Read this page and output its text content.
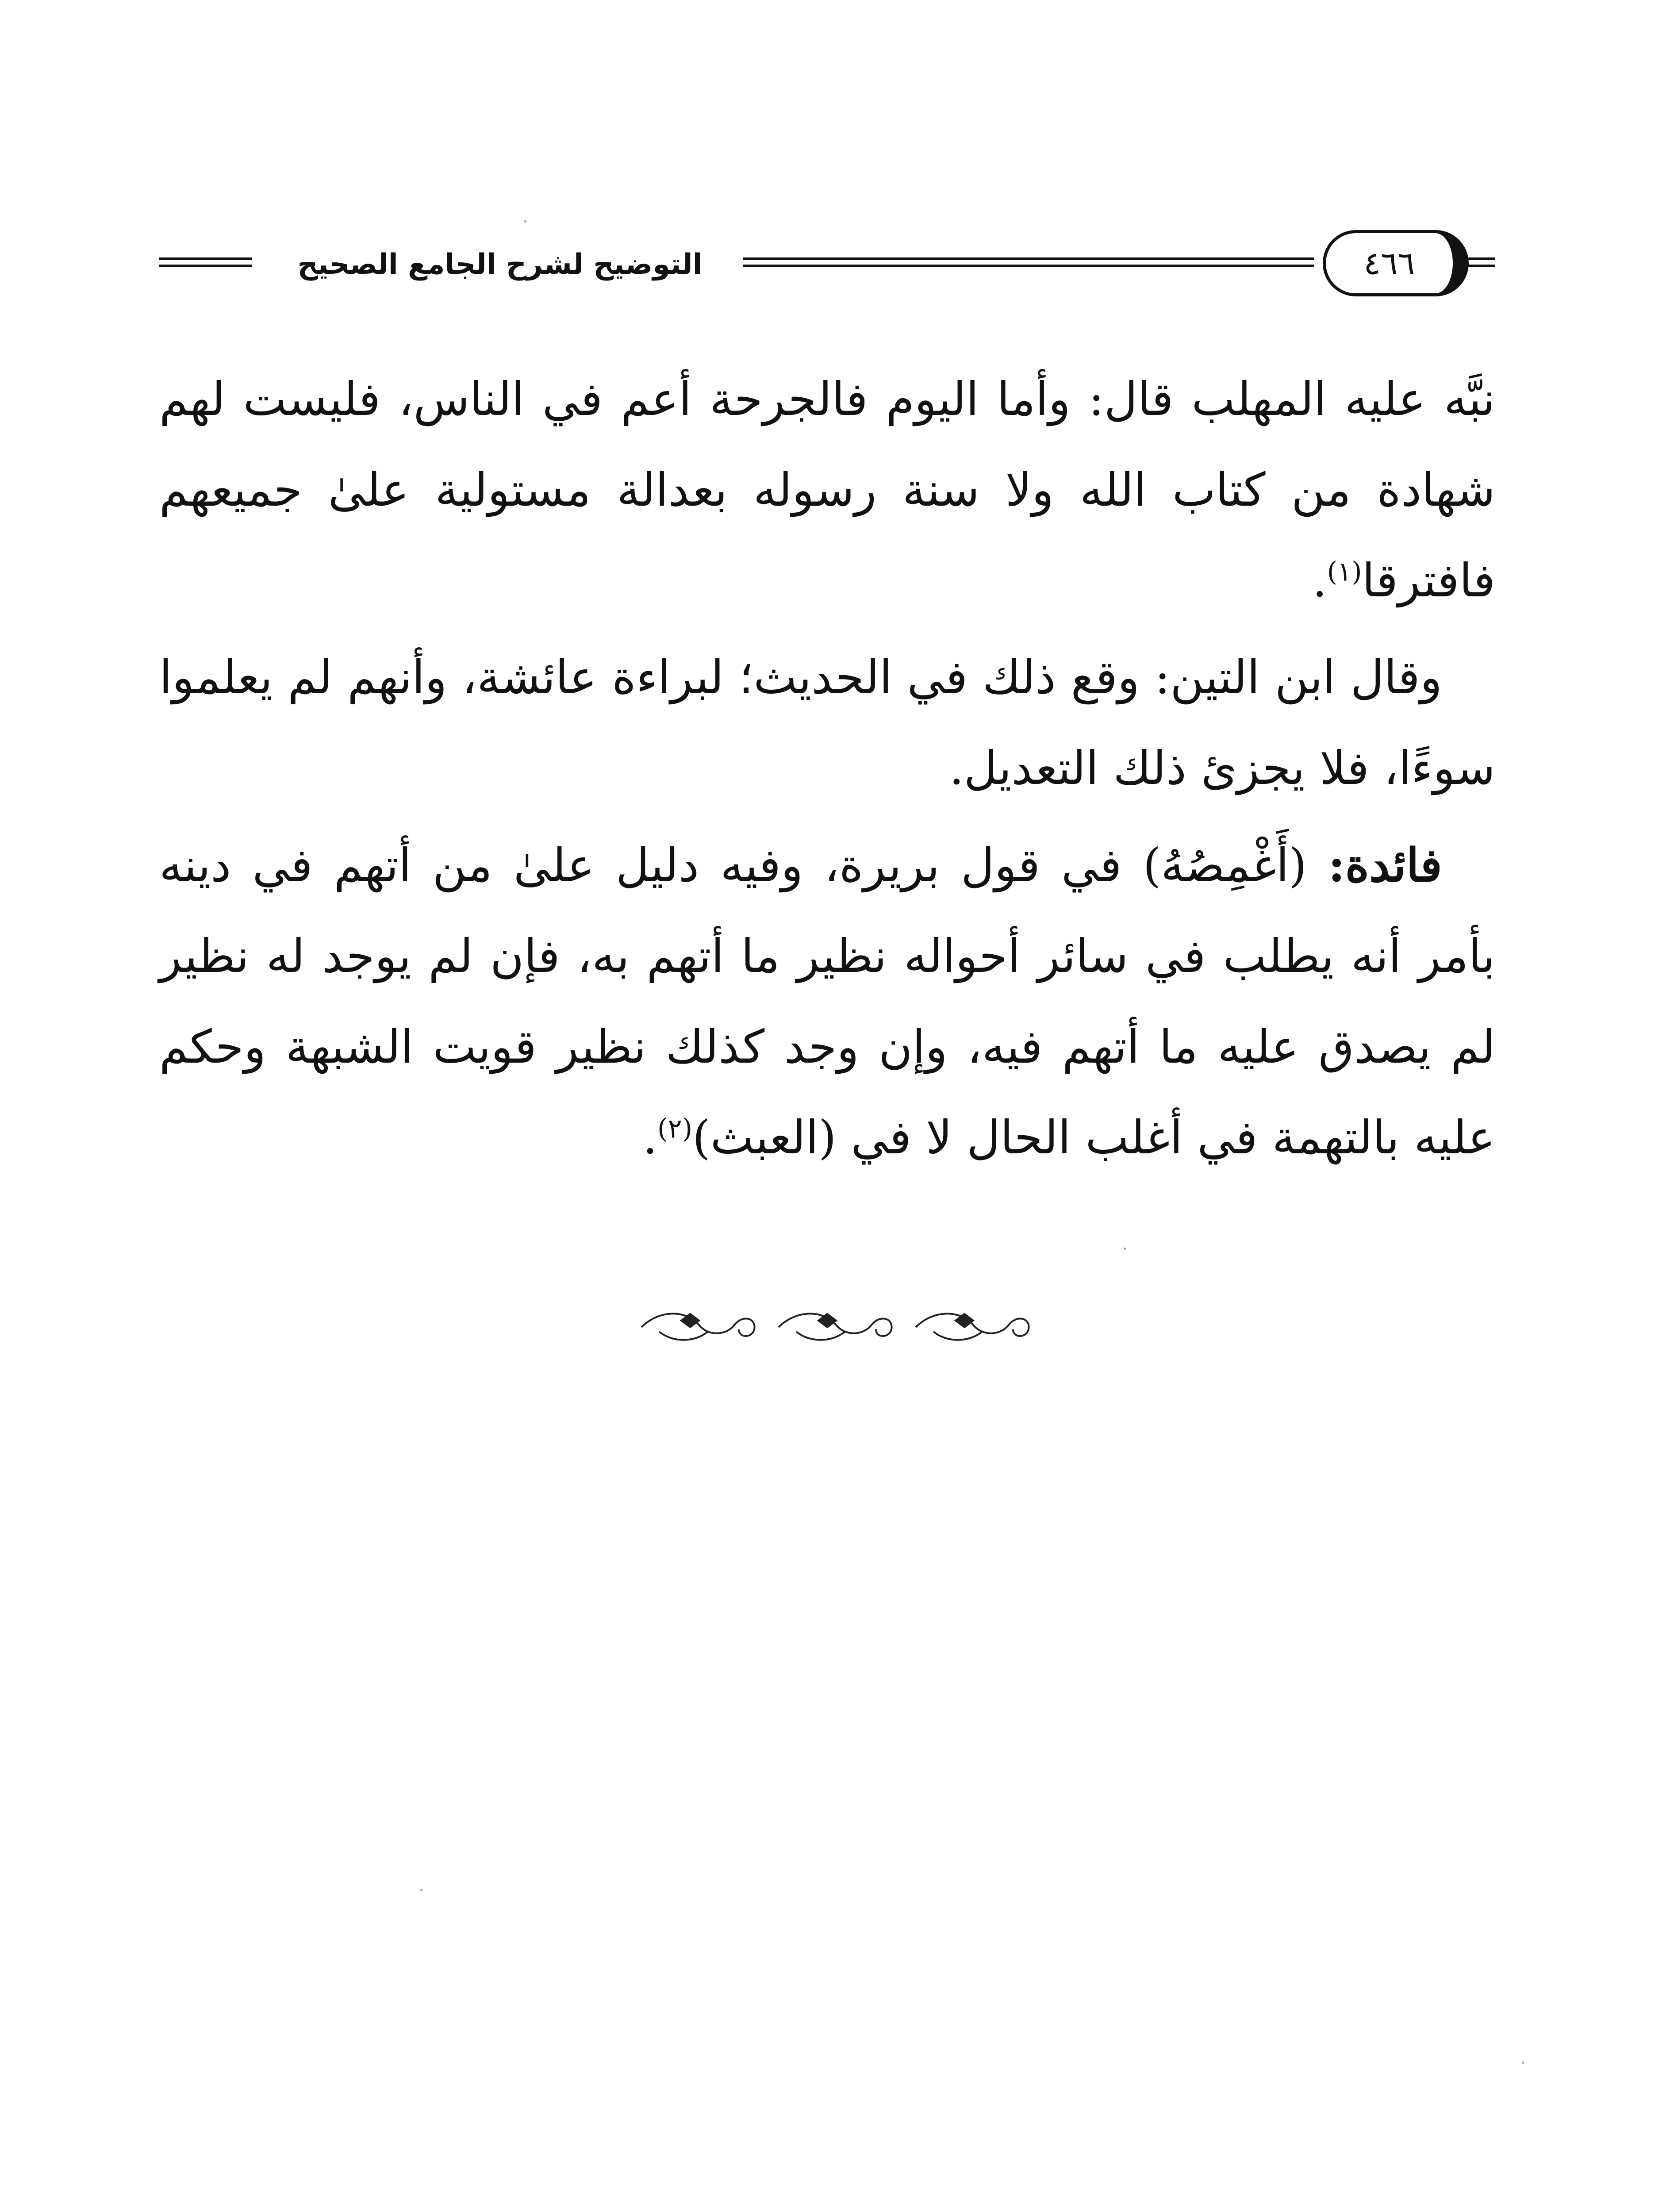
التوضيح لشرح الجامع الصحيح	٤٦٦

نبَّه عليه المهلب قال: وأما اليوم فالجرحة أعم في الناس، فليست لهم شهادة من كتاب الله ولا سنة رسوله بعدالة مستولية علىٰ جميعهم فافترقا$^{(١)}$.

وقال ابن التين: وقع ذلك في الحديث؛ لبراءة عائشة، وأنهم لم يعلموا سوءًا، فلا يجزئ ذلك التعديل.

فائدة: (أَغْمِصُهُ) في قول بريرة، وفيه دليل علىٰ من أتهم في دينه بأمر أنه يطلب في سائر أحواله نظير ما أتهم به، فإن لم يوجد له نظير لم يصدق عليه ما أتهم فيه، وإن وجد كذلك نظير قويت الشبهة وحكم عليه بالتهمة في أغلب الحال لا في (العبث)$^{(٢)}$.
